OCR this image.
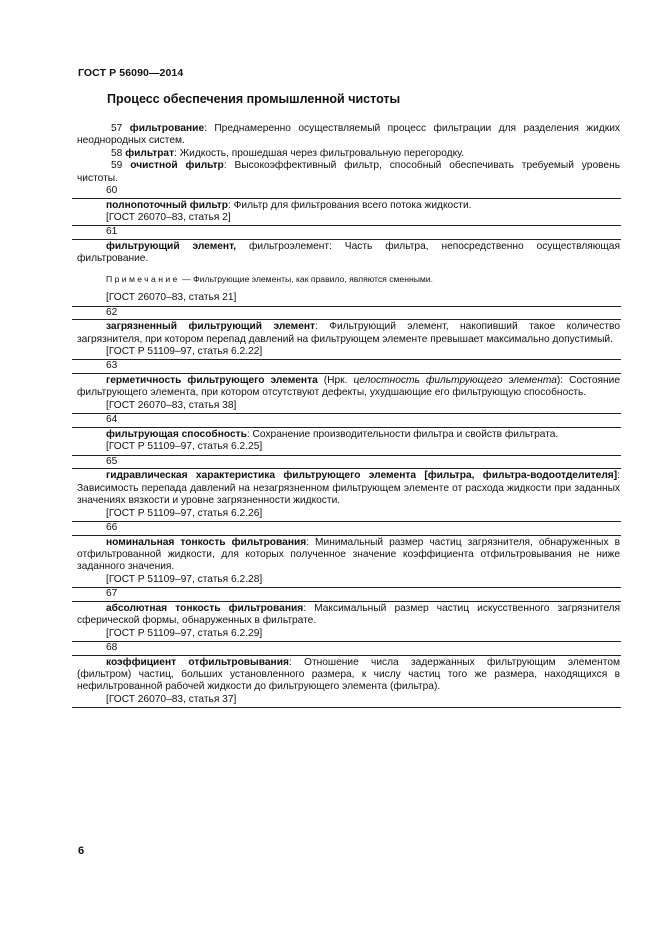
ГОСТ Р 56090—2014
Процесс обеспечения промышленной чистоты

57 фильтрование: Преднамеренно осуществляемый процесс фильтрации для разделения жидких неоднородных систем.

58 фильтрат: Жидкость, прошедшая через фильтровальную перегородку.

59 очистной фильтр: Высокоэффективный фильтр, способный обеспечивать требуемый уровень чистоты.

60

полнопоточный фильтр: Фильтр для фильтрования всего потока жидкости.

[ГОСТ 26070–83, статья 2]

61

фильтрующий элемент, фильтроэлемент: Часть фильтра, непосредственно осуществляющая фильтрование.

Примечание — Фильтрующие элементы, как правило, являются сменными.

[ГОСТ 26070–83, статья 21]

62

загрязненный фильтрующий элемент: Фильтрующий элемент, накопивший такое количество загрязнителя, при котором перепад давлений на фильтрующем элементе превышает максимально допустимый.

[ГОСТ Р 51109–97, статья 6.2.22]

63

герметичность фильтрующего элемента (Нрк. целостность фильтрующего элемента): Состояние фильтрующего элемента, при котором отсутствуют дефекты, ухудшающие его фильтрующую способность.

[ГОСТ 26070–83, статья 38]

64

фильтрующая способность: Сохранение производительности фильтра и свойств фильтрата.

[ГОСТ Р 51109–97, статья 6.2.25]

65

гидравлическая характеристика фильтрующего элемента [фильтра, фильтра-водоотделителя]: Зависимость перепада давлений на незагрязненном фильтрующем элементе от расхода жидкости при заданных значениях вязкости и уровне загрязненности жидкости.

[ГОСТ Р 51109–97, статья 6.2.26]

66

номинальная тонкость фильтрования: Минимальный размер частиц загрязнителя, обнаруженных в отфильтрованной жидкости, для которых полученное значение коэффициента отфильтровывания не ниже заданного значения.

[ГОСТ Р 51109–97, статья 6.2.28]

67

абсолютная тонкость фильтрования: Максимальный размер частиц искусственного загрязнителя сферической формы, обнаруженных в фильтрате.

[ГОСТ Р 51109–97, статья 6.2.29]

68

коэффициент отфильтровывания: Отношение числа задержанных фильтрующим элементом (фильтром) частиц, больших установленного размера, к числу частиц того же размера, находящихся в нефильтрованной рабочей жидкости до фильтрующего элемента (фильтра).

[ГОСТ 26070–83, статья 37]

6
